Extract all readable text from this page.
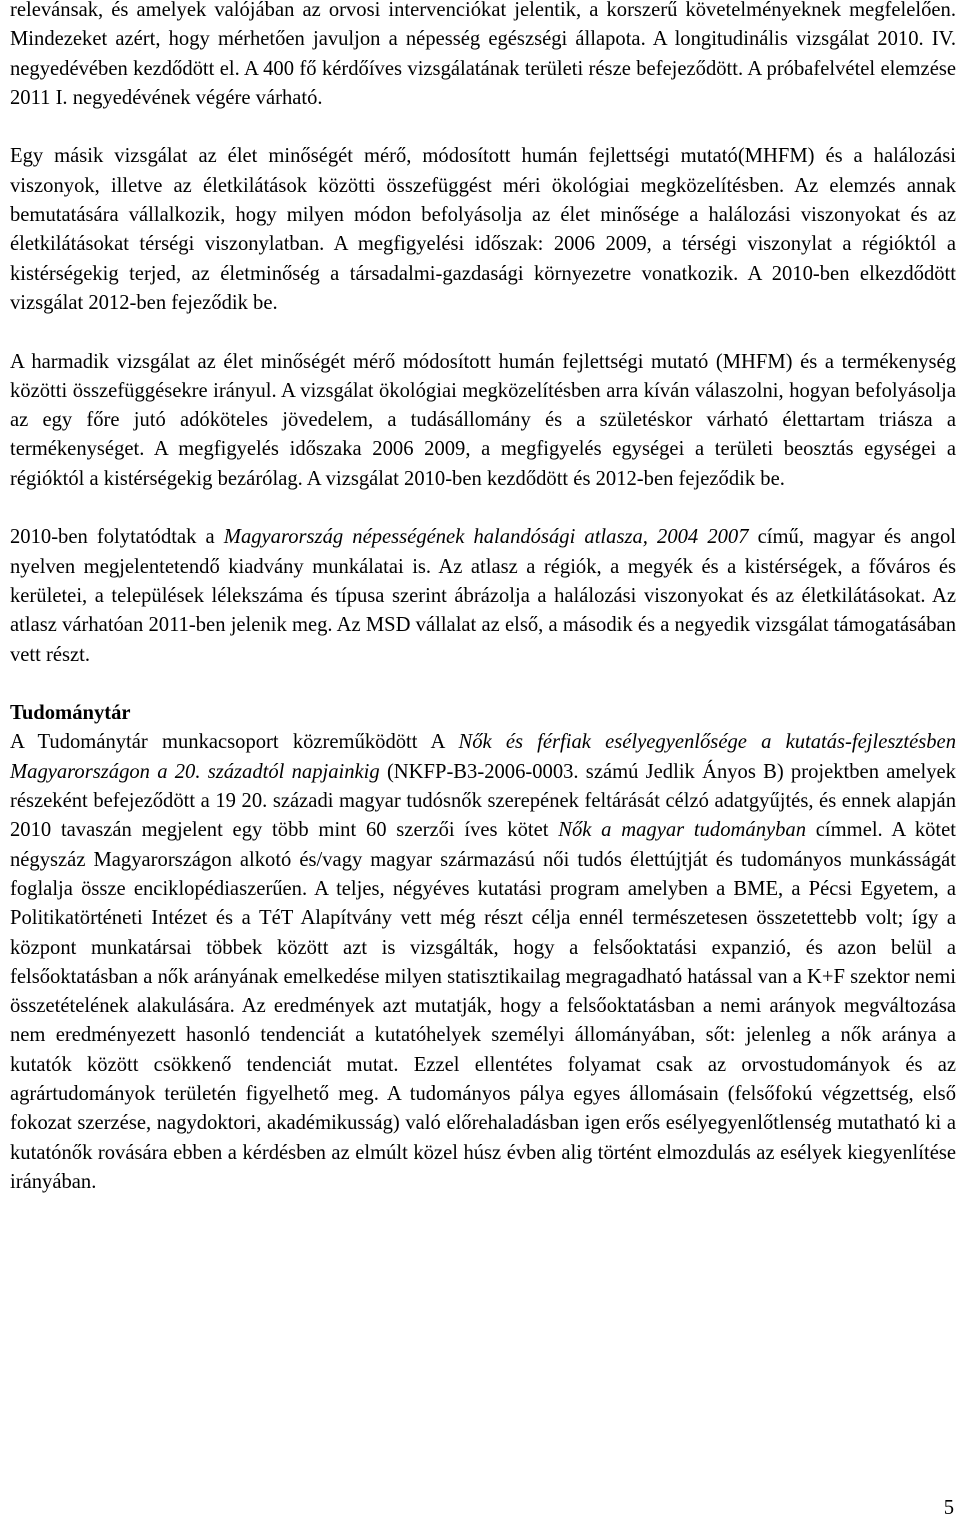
relevánsak, és amelyek valójában az orvosi intervenciókat jelentik, a korszerű követelményeknek megfelelően. Mindezeket azért, hogy mérhetően javuljon a népesség egészségi állapota. A longitudinális vizsgálat 2010. IV. negyedévében kezdődött el. A 400 fő kérdőíves vizsgálatának területi része befejeződött. A próbafelvétel elemzése 2011 I. negyedévének végére várható.

Egy másik vizsgálat az élet minőségét mérő, módosított humán fejlettségi mutató(MHFM) és a halálozási viszonyok, illetve az életkilátások közötti összefüggést méri ökológiai megközelítésben. Az elemzés annak bemutatására vállalkozik, hogy milyen módon befolyásolja az élet minősége a halálozási viszonyokat és az életkilátásokat térségi viszonylatban. A megfigyelési időszak: 2006 2009, a térségi viszonylat a régióktól a kistérségekig terjed, az életminőség a társadalmi-gazdasági környezetre vonatkozik. A 2010-ben elkezdődött vizsgálat 2012-ben fejeződik be.

A harmadik vizsgálat az élet minőségét mérő módosított humán fejlettségi mutató (MHFM) és a termékenység közötti összefüggésekre irányul. A vizsgálat ökológiai megközelítésben arra kíván válaszolni, hogyan befolyásolja az egy főre jutó adóköteles jövedelem, a tudásállomány és a születéskor várható élettartam triásza a termékenységet. A megfigyelés időszaka 2006 2009, a megfigyelés egységei a területi beosztás egységei a régióktól a kistérségekig bezárólag. A vizsgálat 2010-ben kezdődött és 2012-ben fejeződik be.

2010-ben folytatódtak a Magyarország népességének halandósági atlasza, 2004 2007 című, magyar és angol nyelven megjelentetendő kiadvány munkálatai is. Az atlasz a régiók, a megyék és a kistérségek, a főváros és kerületei, a települések lélekszáma és típusa szerint ábrázolja a halálozási viszonyokat és az életkilátásokat. Az atlasz várhatóan 2011-ben jelenik meg. Az MSD vállalat az első, a második és a negyedik vizsgálat támogatásában vett részt.

Tudománytár

A Tudománytár munkacsoport közreműködött A Nők és férfiak esélyegyenlősége a kutatás-fejlesztésben Magyarországon a 20. századtól napjainkig (NKFP-B3-2006-0003. számú Jedlik Ányos B) projektben amelyek részeként befejeződött a 19 20. századi magyar tudósnők szerepének feltárását célzó adatgyűjtés, és ennek alapján 2010 tavaszán megjelent egy több mint 60 szerzői íves kötet Nők a magyar tudományban címmel. A kötet négyszáz Magyarországon alkotó és/vagy magyar származású női tudós élettújtját és tudományos munkásságát foglalja össze enciklopédiaszerűen. A teljes, négyéves kutatási program amelyben a BME, a Pécsi Egyetem, a Politikatörténeti Intézet és a TéT Alapítvány vett még részt célja ennél természetesen összetettebb volt; így a központ munkatársai többek között azt is vizsgálták, hogy a felsőoktatási expanzió, és azon belül a felsőoktatásban a nők arányának emelkedése milyen statisztikailag megragadható hatással van a K+F szektor nemi összetételének alakulására. Az eredmények azt mutatják, hogy a felsőoktatásban a nemi arányok megváltozása nem eredményezett hasonló tendenciát a kutatóhelyek személyi állományában, sőt: jelenleg a nők aránya a kutatók között csökkenő tendenciát mutat. Ezzel ellentétes folyamat csak az orvostudományok és az agrártudományok területén figyelhető meg. A tudományos pálya egyes állomásain (felsőfokú végzettség, első fokozat szerzése, nagydoktori, akadémikusság) való előrehaladásban igen erős esélyegyenlőtlenség mutatható ki a kutatónők rovására ebben a kérdésben az elmúlt közel húsz évben alig történt elmozdulás az esélyek kiegyenlítése irányában.

5
